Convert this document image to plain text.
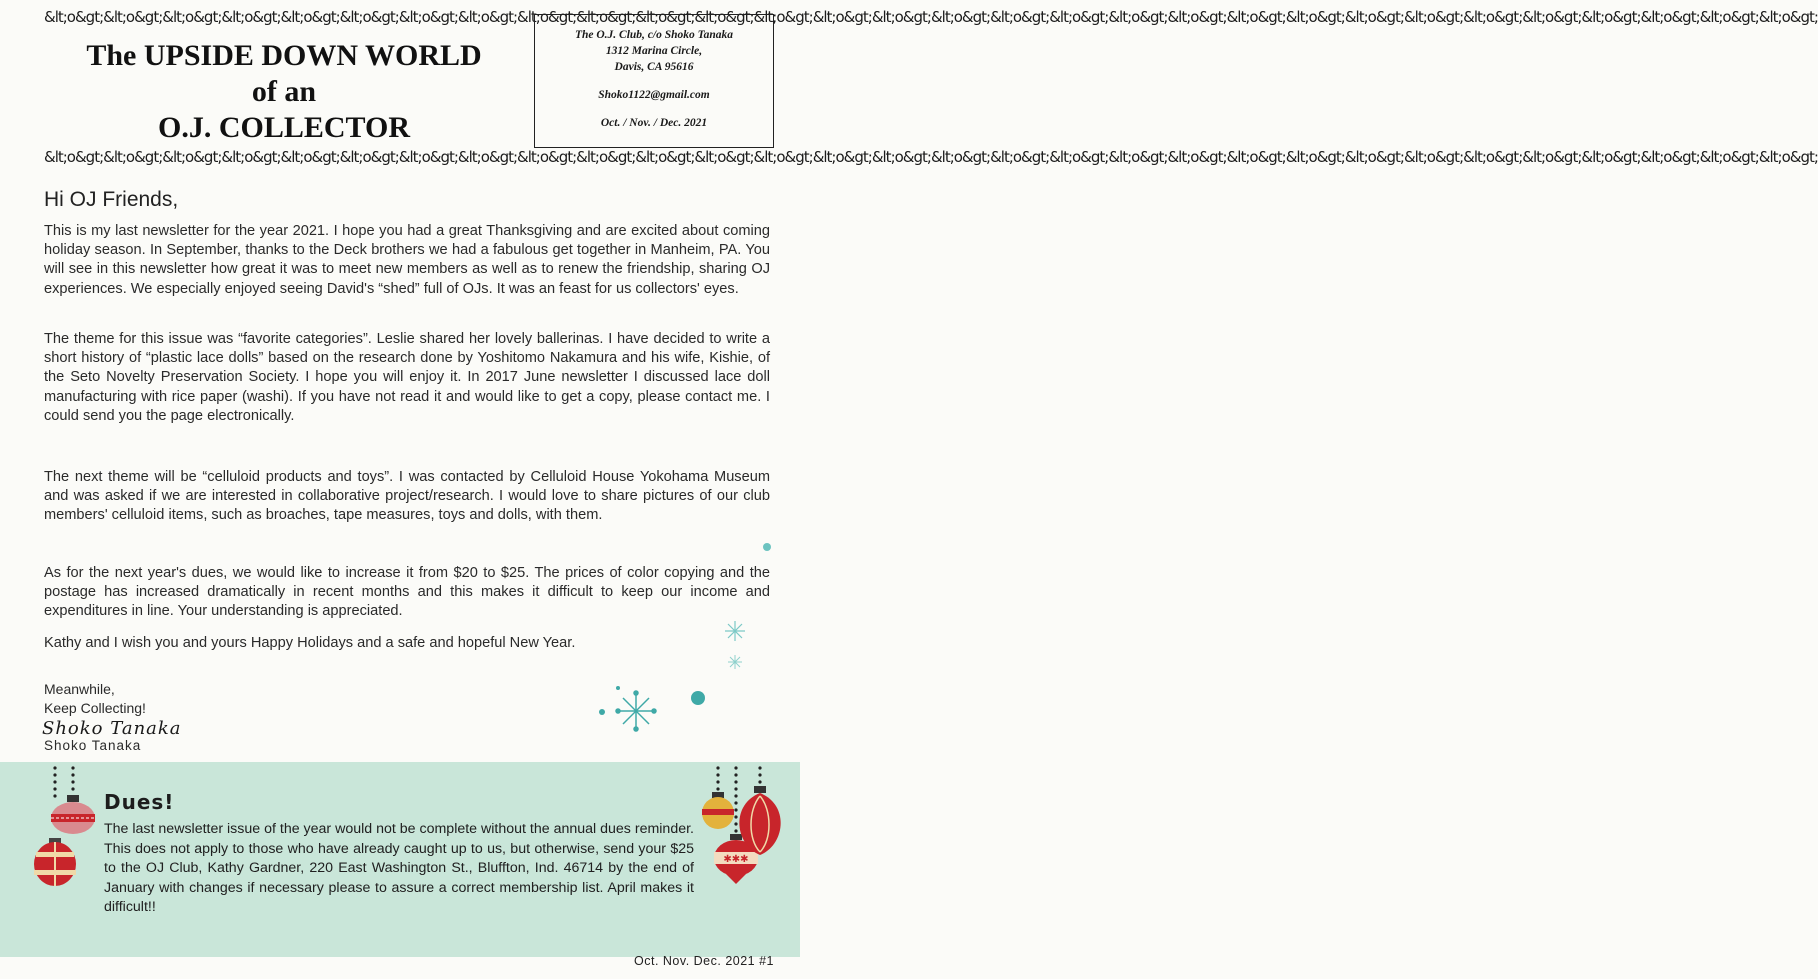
&lt;o&gt;&lt;o&gt;&lt;o&gt;&lt;o&gt;&lt;o&gt;&lt;o&gt;&lt;o&gt;&lt;o&gt;&lt;o&gt;&lt;o&gt;&lt;o&gt;&lt;o&gt;&lt;o&gt;&lt;o&gt;&lt;o&gt;&lt;o&gt;&lt;o&gt;&lt;o&gt;&lt;o&gt;&lt;o&gt;&lt;o&gt;&lt;o&gt;&lt;o&gt;&lt;o&gt;&lt;o&gt;&lt;o&gt;&lt;o&gt;&lt;o&gt;&lt;o&gt;&lt;o&gt;
&lt;o&gt;&lt;o&gt;&lt;o&gt;&lt;o&gt;&lt;o&gt;&lt;o&gt;&lt;o&gt;&lt;o&gt;&lt;o&gt;&lt;o&gt;&lt;o&gt;&lt;o&gt;&lt;o&gt;&lt;o&gt;&lt;o&gt;&lt;o&gt;&lt;o&gt;&lt;o&gt;&lt;o&gt;&lt;o&gt;&lt;o&gt;&lt;o&gt;&lt;o&gt;&lt;o&gt;&lt;o&gt;&lt;o&gt;&lt;o&gt;&lt;o&gt;&lt;o&gt;&lt;o&gt;
The UPSIDE DOWN WORLD
of an
O.J. COLLECTOR
The O.J. Club, c/o Shoko Tanaka
1312 Marina Circle,
Davis, CA 95616
Shoko1122@gmail.com
Oct. / Nov. / Dec. 2021
Hi OJ Friends,

This is my last newsletter for the year 2021. I hope you had a great Thanksgiving and are excited about coming holiday season. In September, thanks to the Deck brothers we had a fabulous get together in Manheim, PA. You will see in this newsletter how great it was to meet new members as well as to renew the friendship, sharing OJ experiences. We especially enjoyed seeing David's “shed” full of OJs. It was an feast for us collectors' eyes.

The theme for this issue was “favorite categories”. Leslie shared her lovely ballerinas. I have decided to write a short history of “plastic lace dolls” based on the research done by Yoshitomo Nakamura and his wife, Kishie, of the Seto Novelty Preservation Society. I hope you will enjoy it. In 2017 June newsletter I discussed lace doll manufacturing with rice paper (washi). If you have not read it and would like to get a copy, please contact me. I could send you the page electronically.

The next theme will be “celluloid products and toys”. I was contacted by Celluloid House Yokohama Museum and was asked if we are interested in collaborative project/research. I would love to share pictures of our club members' celluloid items, such as broaches, tape measures, toys and dolls, with them.

As for the next year's dues, we would like to increase it from $20 to $25. The prices of color copying and the postage has increased dramatically in recent months and this makes it difficult to keep our income and expenditures in line. Your understanding is appreciated.

Kathy and I wish you and yours Happy Holidays and a safe and hopeful New Year.

Meanwhile,
Keep Collecting!
Shoko Tanaka
Shoko Tanaka
✱✱✱
Dues!

The last newsletter issue of the year would not be complete without the annual dues reminder. This does not apply to those who have already caught up to us, but otherwise, send your $25 to the OJ Club, Kathy Gardner, 220 East Washington St., Bluffton, Ind. 46714 by the end of January with changes if necessary please to assure a correct membership list. April makes it difficult!!

Oct. Nov. Dec. 2021 #1
